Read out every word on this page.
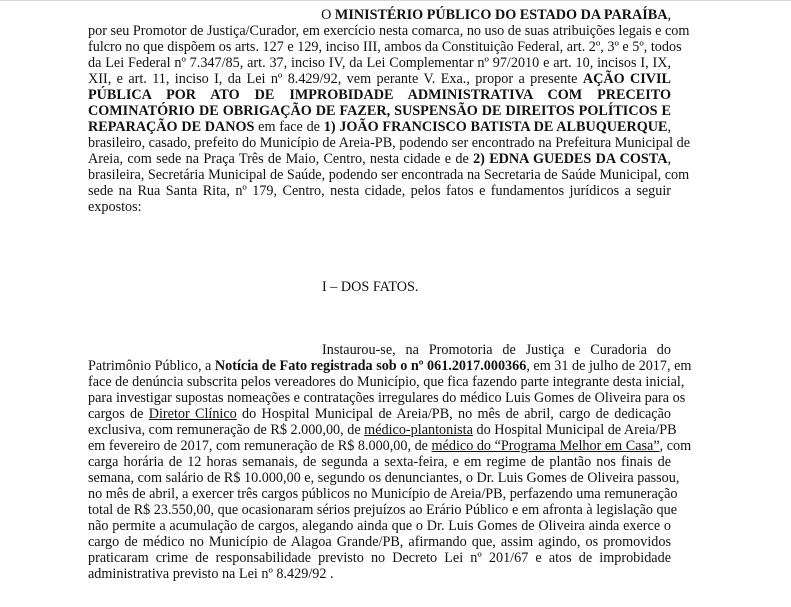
O MINISTÉRIO PÚBLICO DO ESTADO DA PARAÍBA,
por seu Promotor de Justiça/Curador, em exercício nesta comarca, no uso de suas atribuições legais e com
fulcro no que dispõem os arts. 127 e 129, inciso III, ambos da Constituição Federal, art. 2º, 3º e 5º, todos
da Lei Federal nº 7.347/85, art. 37, inciso IV, da Lei Complementar nº 97/2010 e art. 10, incisos I, IX,
XII, e art. 11, inciso I, da Lei nº 8.429/92, vem perante V. Exa., propor a presente AÇÃO CIVIL
PÚBLICA POR ATO DE IMPROBIDADE ADMINISTRATIVA COM PRECEITO
COMINATÓRIO DE OBRIGAÇÃO DE FAZER, SUSPENSÃO DE DIREITOS POLÍTICOS E
REPARAÇÃO DE DANOS em face de 1) JOÃO FRANCISCO BATISTA DE ALBUQUERQUE,
brasileiro, casado, prefeito do Município de Areia-PB, podendo ser encontrado na Prefeitura Municipal de
Areia, com sede na Praça Três de Maio, Centro, nesta cidade e de 2) EDNA GUEDES DA COSTA,
brasileira, Secretária Municipal de Saúde, podendo ser encontrada na Secretaria de Saúde Municipal, com
sede na Rua Santa Rita, nº 179, Centro, nesta cidade, pelos fatos e fundamentos jurídicos a seguir
expostos:
I – DOS FATOS.
Instaurou-se, na Promotoria de Justiça e Curadoria do
Patrimônio Público, a Notícia de Fato registrada sob o nº 061.2017.000366, em 31 de julho de 2017, em
face de denúncia subscrita pelos vereadores do Município, que fica fazendo parte integrante desta inicial,
para investigar supostas nomeações e contratações irregulares do médico Luis Gomes de Oliveira para os
cargos de Diretor Clínico do Hospital Municipal de Areia/PB, no mês de abril, cargo de dedicação
exclusiva, com remuneração de R$ 2.000,00, de médico-plantonista do Hospital Municipal de Areia/PB
em fevereiro de 2017, com remuneração de R$ 8.000,00, de médico do “Programa Melhor em Casa”, com
carga horária de 12 horas semanais, de segunda a sexta-feira, e em regime de plantão nos finais de
semana, com salário de R$ 10.000,00 e, segundo os denunciantes, o Dr. Luis Gomes de Oliveira passou,
no mês de abril, a exercer três cargos públicos no Município de Areia/PB, perfazendo uma remuneração
total de R$ 23.550,00, que ocasionaram sérios prejuízos ao Erário Público e em afronta à legislação que
não permite a acumulação de cargos, alegando ainda que o Dr. Luis Gomes de Oliveira ainda exerce o
cargo de médico no Município de Alagoa Grande/PB, afirmando que, assim agindo, os promovidos
praticaram crime de responsabilidade previsto no Decreto Lei nº 201/67 e atos de improbidade
administrativa previsto na Lei nº 8.429/92 .
